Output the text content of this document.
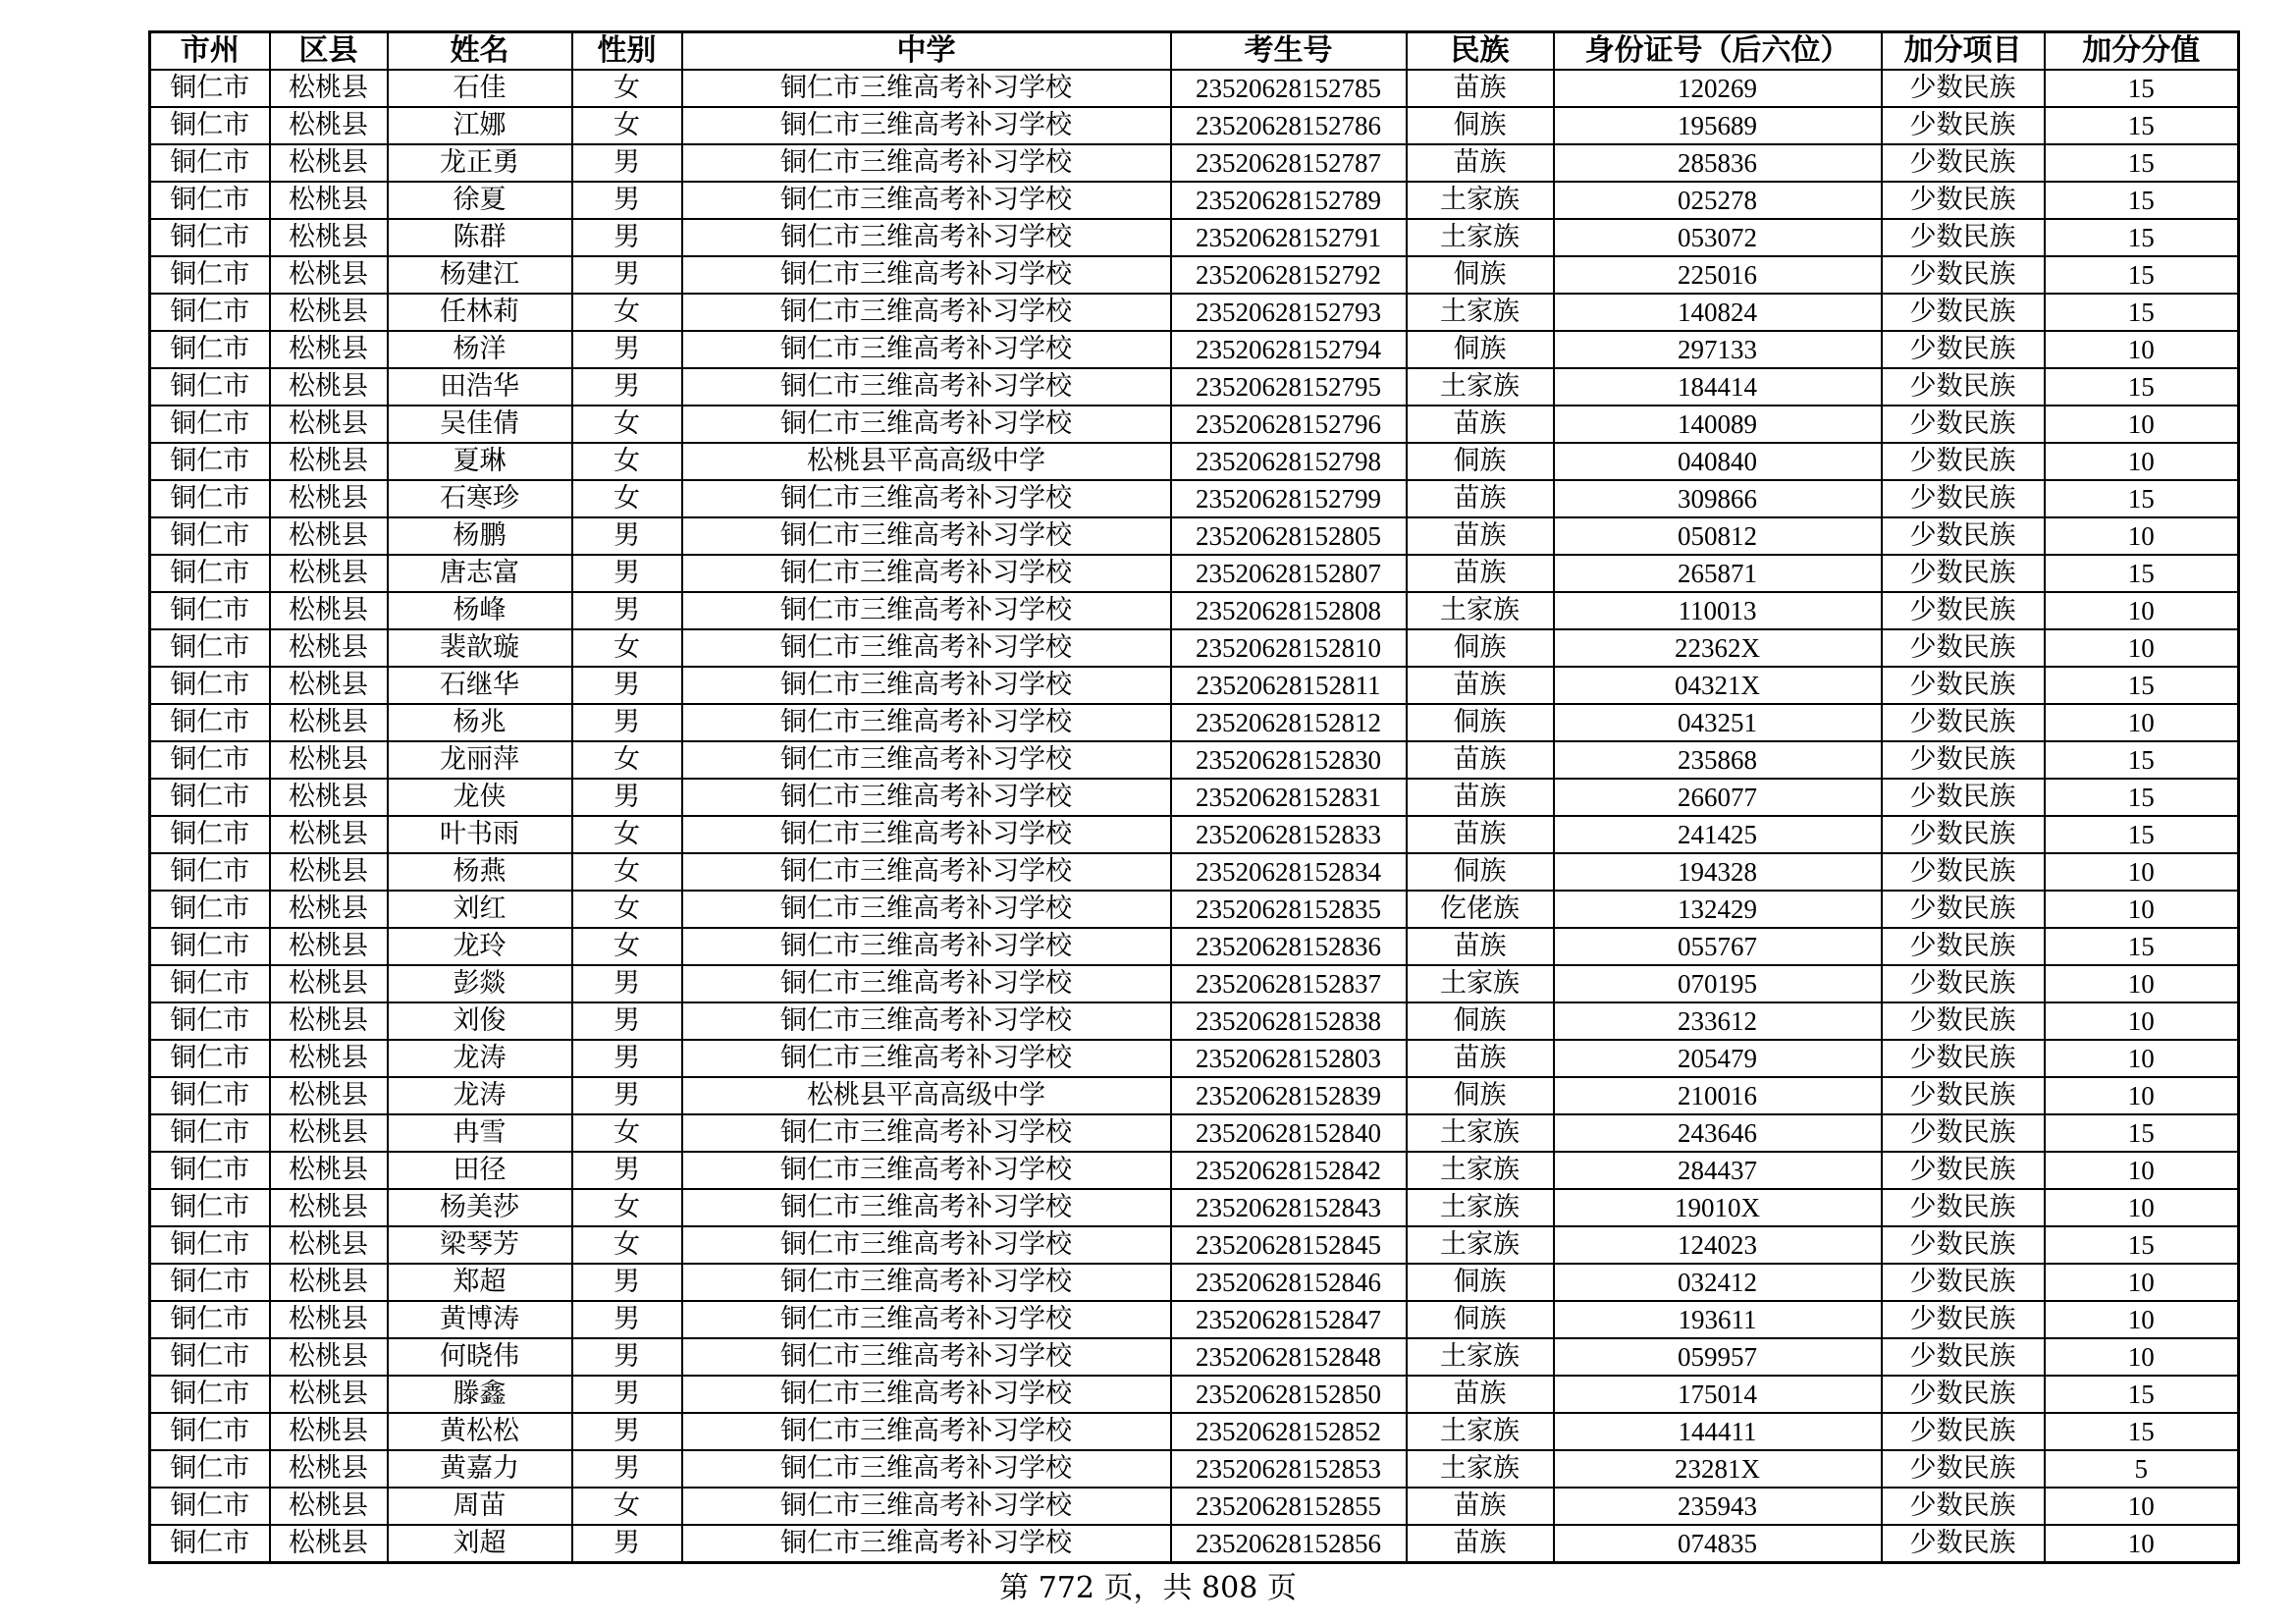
市州	区县	姓名	性别	中学	考生号	民族	身份证号（后六位）	加分项目	加分分值
铜仁市	松桃县	石佳	女	铜仁市三维高考补习学校	23520628152785	苗族	120269	少数民族	15
铜仁市	松桃县	江娜	女	铜仁市三维高考补习学校	23520628152786	侗族	195689	少数民族	15
铜仁市	松桃县	龙正勇	男	铜仁市三维高考补习学校	23520628152787	苗族	285836	少数民族	15
铜仁市	松桃县	徐夏	男	铜仁市三维高考补习学校	23520628152789	土家族	025278	少数民族	15
铜仁市	松桃县	陈群	男	铜仁市三维高考补习学校	23520628152791	土家族	053072	少数民族	15
铜仁市	松桃县	杨建江	男	铜仁市三维高考补习学校	23520628152792	侗族	225016	少数民族	15
铜仁市	松桃县	任林莉	女	铜仁市三维高考补习学校	23520628152793	土家族	140824	少数民族	15
铜仁市	松桃县	杨洋	男	铜仁市三维高考补习学校	23520628152794	侗族	297133	少数民族	10
铜仁市	松桃县	田浩华	男	铜仁市三维高考补习学校	23520628152795	土家族	184414	少数民族	15
铜仁市	松桃县	吴佳倩	女	铜仁市三维高考补习学校	23520628152796	苗族	140089	少数民族	10
铜仁市	松桃县	夏琳	女	松桃县平高高级中学	23520628152798	侗族	040840	少数民族	10
铜仁市	松桃县	石寒珍	女	铜仁市三维高考补习学校	23520628152799	苗族	309866	少数民族	15
铜仁市	松桃县	杨鹏	男	铜仁市三维高考补习学校	23520628152805	苗族	050812	少数民族	10
铜仁市	松桃县	唐志富	男	铜仁市三维高考补习学校	23520628152807	苗族	265871	少数民族	15
铜仁市	松桃县	杨峰	男	铜仁市三维高考补习学校	23520628152808	土家族	110013	少数民族	10
铜仁市	松桃县	裴歆璇	女	铜仁市三维高考补习学校	23520628152810	侗族	22362X	少数民族	10
铜仁市	松桃县	石继华	男	铜仁市三维高考补习学校	23520628152811	苗族	04321X	少数民族	15
铜仁市	松桃县	杨兆	男	铜仁市三维高考补习学校	23520628152812	侗族	043251	少数民族	10
铜仁市	松桃县	龙丽萍	女	铜仁市三维高考补习学校	23520628152830	苗族	235868	少数民族	15
铜仁市	松桃县	龙侠	男	铜仁市三维高考补习学校	23520628152831	苗族	266077	少数民族	15
铜仁市	松桃县	叶书雨	女	铜仁市三维高考补习学校	23520628152833	苗族	241425	少数民族	15
铜仁市	松桃县	杨燕	女	铜仁市三维高考补习学校	23520628152834	侗族	194328	少数民族	10
铜仁市	松桃县	刘红	女	铜仁市三维高考补习学校	23520628152835	仡佬族	132429	少数民族	10
铜仁市	松桃县	龙玲	女	铜仁市三维高考补习学校	23520628152836	苗族	055767	少数民族	15
铜仁市	松桃县	彭燚	男	铜仁市三维高考补习学校	23520628152837	土家族	070195	少数民族	10
铜仁市	松桃县	刘俊	男	铜仁市三维高考补习学校	23520628152838	侗族	233612	少数民族	10
铜仁市	松桃县	龙涛	男	铜仁市三维高考补习学校	23520628152803	苗族	205479	少数民族	10
铜仁市	松桃县	龙涛	男	松桃县平高高级中学	23520628152839	侗族	210016	少数民族	10
铜仁市	松桃县	冉雪	女	铜仁市三维高考补习学校	23520628152840	土家族	243646	少数民族	15
铜仁市	松桃县	田径	男	铜仁市三维高考补习学校	23520628152842	土家族	284437	少数民族	10
铜仁市	松桃县	杨美莎	女	铜仁市三维高考补习学校	23520628152843	土家族	19010X	少数民族	10
铜仁市	松桃县	梁琴芳	女	铜仁市三维高考补习学校	23520628152845	土家族	124023	少数民族	15
铜仁市	松桃县	郑超	男	铜仁市三维高考补习学校	23520628152846	侗族	032412	少数民族	10
铜仁市	松桃县	黄博涛	男	铜仁市三维高考补习学校	23520628152847	侗族	193611	少数民族	10
铜仁市	松桃县	何晓伟	男	铜仁市三维高考补习学校	23520628152848	土家族	059957	少数民族	10
铜仁市	松桃县	滕鑫	男	铜仁市三维高考补习学校	23520628152850	苗族	175014	少数民族	15
铜仁市	松桃县	黄松松	男	铜仁市三维高考补习学校	23520628152852	土家族	144411	少数民族	15
铜仁市	松桃县	黄嘉力	男	铜仁市三维高考补习学校	23520628152853	土家族	23281X	少数民族	5
铜仁市	松桃县	周苗	女	铜仁市三维高考补习学校	23520628152855	苗族	235943	少数民族	10
铜仁市	松桃县	刘超	男	铜仁市三维高考补习学校	23520628152856	苗族	074835	少数民族	10
第 772 页，共 808 页
